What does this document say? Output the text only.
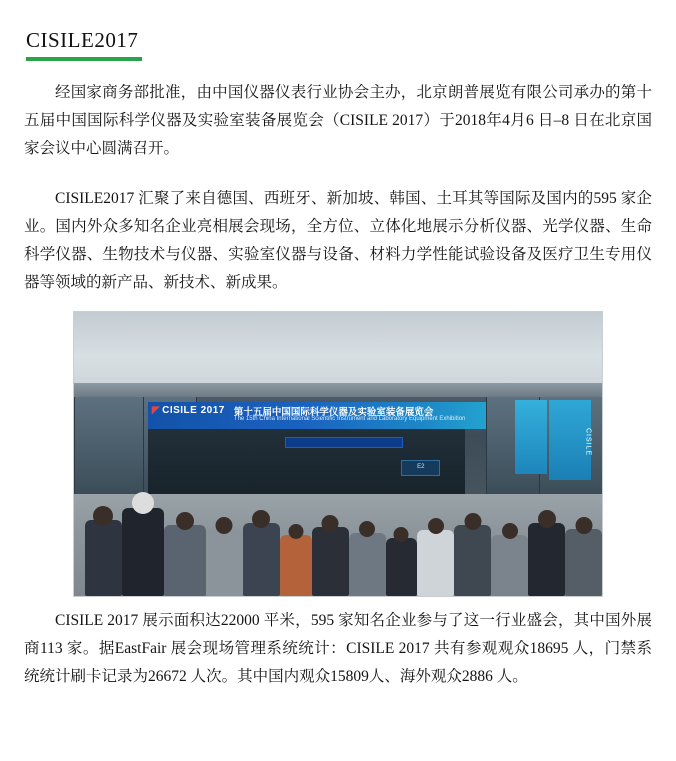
CISILE2017

经国家商务部批准，由中国仪器仪表行业协会主办，北京朗普展览有限公司承办的第十五届中国国际科学仪器及实验室装备展览会（CISILE 2017）于2018年4月6 日–8 日在北京国家会议中心圆满召开。

CISILE2017 汇聚了来自德国、西班牙、新加坡、韩国、土耳其等国际及国内的595 家企业。国内外众多知名企业亮相展会现场，全方位、立体化地展示分析仪器、光学仪器、生命科学仪器、生物技术与仪器、实验室仪器与设备、材料力学性能试验设备及医疗卫生专用仪器等领域的新产品、新技术、新成果。

◤ CISILE 2017 第十五届中国国际科学仪器及实验室装备展览会
The 15th China International Scientific Instrument and Laboratory Equipment Exhibition
CISILE
E2

CISILE 2017 展示面积达22000 平米，595 家知名企业参与了这一行业盛会，其中国外展商113 家。据EastFair 展会现场管理系统统计：CISILE 2017 共有参观观众18695 人，门禁系统统计刷卡记录为26672 人次。其中国内观众15809人、海外观众2886 人。
